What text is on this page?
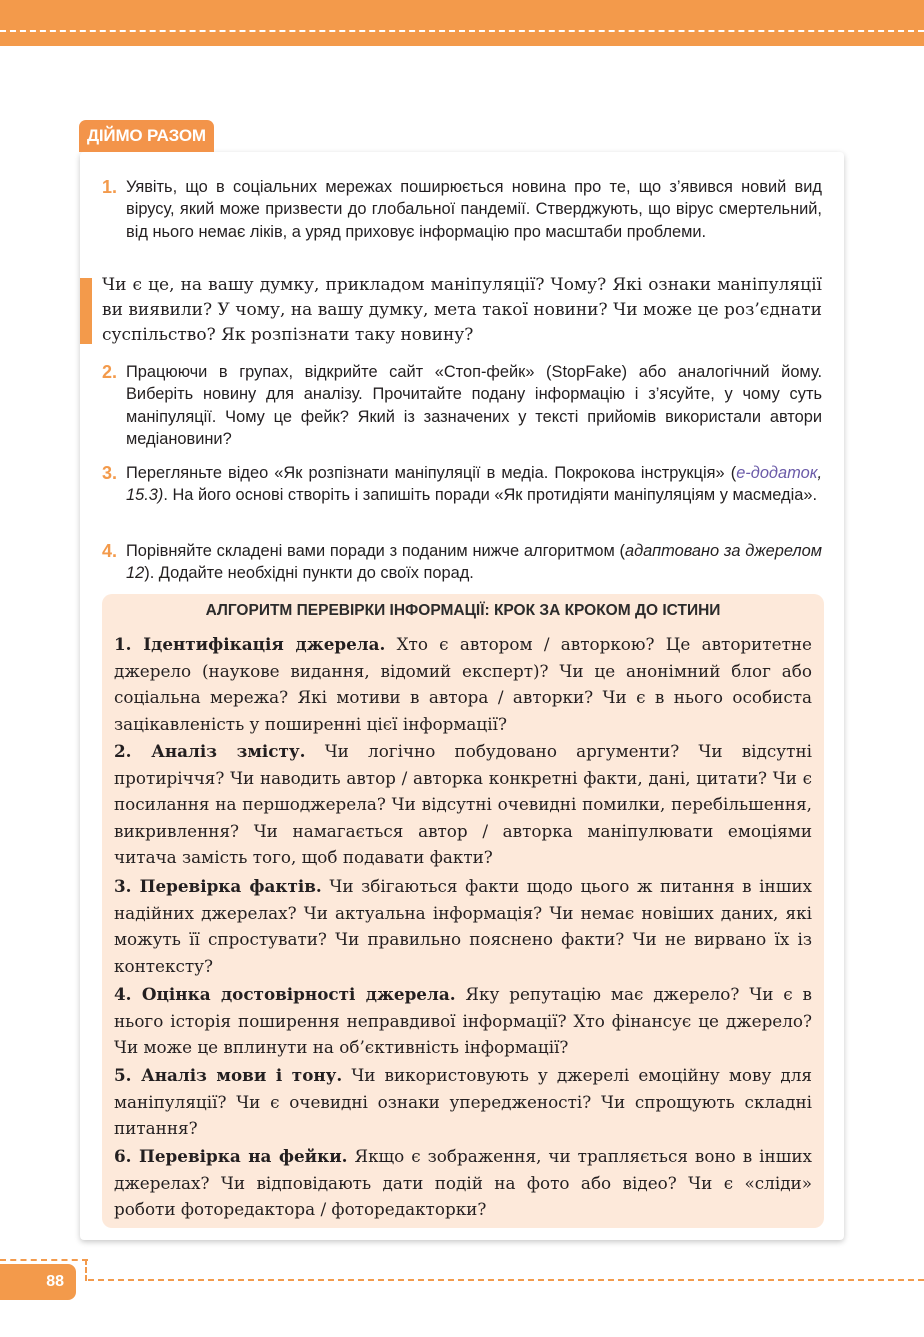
ДІЙМО РАЗОМ
1. Уявіть, що в соціальних мережах поширюється новина про те, що з’явився новий вид вірусу, який може призвести до глобальної пандемії. Стверджують, що вірус смертельний, від нього немає ліків, а уряд приховує інформацію про масштаби проблеми.
Чи є це, на вашу думку, прикладом маніпуляції? Чому? Які ознаки маніпуляції ви виявили? У чому, на вашу думку, мета такої новини? Чи може це роз’єднати суспільство? Як розпізнати таку новину?
2. Працюючи в групах, відкрийте сайт «Стоп-фейк» (StopFake) або аналогічний йому. Виберіть новину для аналізу. Прочитайте подану інформацію і з’ясуйте, у чому суть маніпуляції. Чому це фейк? Який із зазначених у тексті прийомів використали автори медіановини?
3. Перегляньте відео «Як розпізнати маніпуляції в медіа. Покрокова інструкція» (е-додаток, 15.3). На його основі створіть і запишіть поради «Як протидіяти маніпуляціям у масмедіа».
4. Порівняйте складені вами поради з поданим нижче алгоритмом (адаптовано за джерелом 12). Додайте необхідні пункти до своїх порад.
АЛГОРИТМ ПЕРЕВІРКИ ІНФОРМАЦІЇ: КРОК ЗА КРОКОМ ДО ІСТИНИ
1. Ідентифікація джерела. Хто є автором / авторкою? Це авторитетне джерело (наукове видання, відомий експерт)? Чи це анонімний блог або соціальна мережа? Які мотиви в автора / авторки? Чи є в нього особиста зацікавленість у поширенні цієї інформації?
2. Аналіз змісту. Чи логічно побудовано аргументи? Чи відсутні протиріччя? Чи наводить автор / авторка конкретні факти, дані, цитати? Чи є посилання на першоджерела? Чи відсутні очевидні помилки, перебільшення, викривлення? Чи намагається автор / авторка маніпулювати емоціями читача замість того, щоб подавати факти?
3. Перевірка фактів. Чи збігаються факти щодо цього ж питання в інших надійних джерелах? Чи актуальна інформація? Чи немає новіших даних, які можуть її спростувати? Чи правильно пояснено факти? Чи не вирвано їх із контексту?
4. Оцінка достовірності джерела. Яку репутацію має джерело? Чи є в нього історія поширення неправдивої інформації? Хто фінансує це джерело? Чи може це вплинути на об’єктивність інформації?
5. Аналіз мови і тону. Чи використовують у джерелі емоційну мову для маніпуляції? Чи є очевидні ознаки упередженості? Чи спрощують складні питання?
6. Перевірка на фейки. Якщо є зображення, чи трапляється воно в інших джерелах? Чи відповідають дати подій на фото або відео? Чи є «сліди» роботи фоторедактора / фоторедакторки?
88
